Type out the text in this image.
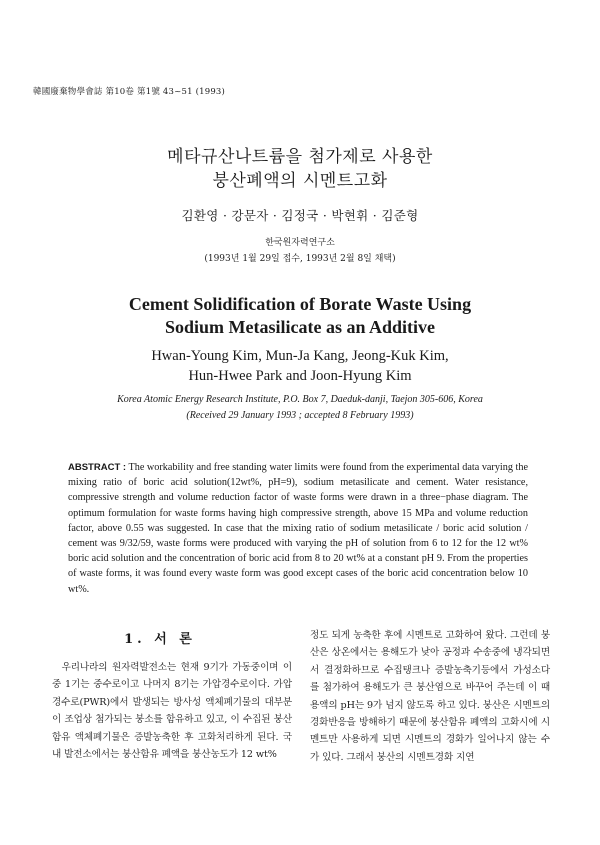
韓國廢棄物學會誌 第10卷 第1號 43~51 (1993)
메타규산나트륨을 첨가제로 사용한
붕산폐액의 시멘트고화
김환영 · 강문자 · 김정국 · 박현휘 · 김준형
한국원자력연구소
(1993년 1월 29일 접수, 1993년 2월 8일 채택)
Cement Solidification of Borate Waste Using
Sodium Metasilicate as an Additive
Hwan-Young Kim, Mun-Ja Kang, Jeong-Kuk Kim,
Hun-Hwee Park and Joon-Hyung Kim
Korea Atomic Energy Research Institute, P.O. Box 7, Daeduk-danji, Taejon 305-606, Korea
(Received 29 January 1993 ; accepted 8 February 1993)
ABSTRACT : The workability and free standing water limits were found from the experimental data varying the mixing ratio of boric acid solution(12wt%, pH=9), sodium metasilicate and cement. Water resistance, compressive strength and volume reduction factor of waste forms were drawn in a three−phase diagram. The optimum formulation for waste forms having high compressive strength, above 15 MPa and volume reduction factor, above 0.55 was suggested. In case that the mixing ratio of sodium metasilicate / boric acid solution / cement was 9/32/59, waste forms were produced with varying the pH of solution from 6 to 12 for the 12 wt% boric acid solution and the concentration of boric acid from 8 to 20 wt% at a constant pH 9. From the properties of waste forms, it was found every waste form was good except cases of the boric acid concentration below 10 wt%.
1. 서 론

우리나라의 원자력발전소는 현재 9기가 가동중이며 이중 1기는 중수로이고 나머지 8기는 가압경수로이다. 가압경수로(PWR)에서 발생되는 방사성 액체폐기물의 대부분이 조업상 첨가되는 붕소를 함유하고 있고, 이 수집된 붕산함유 액체폐기물은 증발농축한 후 고화처리하게 된다. 국내 발전소에서는 붕산함유 폐액을 붕산농도가 12 wt%

정도 되게 농축한 후에 시멘트로 고화하여 왔다. 그런데 붕산은 상온에서는 용해도가 낮아 공정과 수송중에 냉각되면서 결정화하므로 수집탱크나 증발농축기등에서 가성소다를 첨가하여 용해도가 큰 붕산염으로 바꾸어 주는데 이 때 용액의 pH는 9가 넘지 않도록 하고 있다. 붕산은 시멘트의 경화반응을 방해하기 때문에 붕산함유 폐액의 고화시에 시멘트만 사용하게 되면 시멘트의 경화가 일어나지 않는 수가 있다. 그래서 붕산의 시멘트경화 지연
